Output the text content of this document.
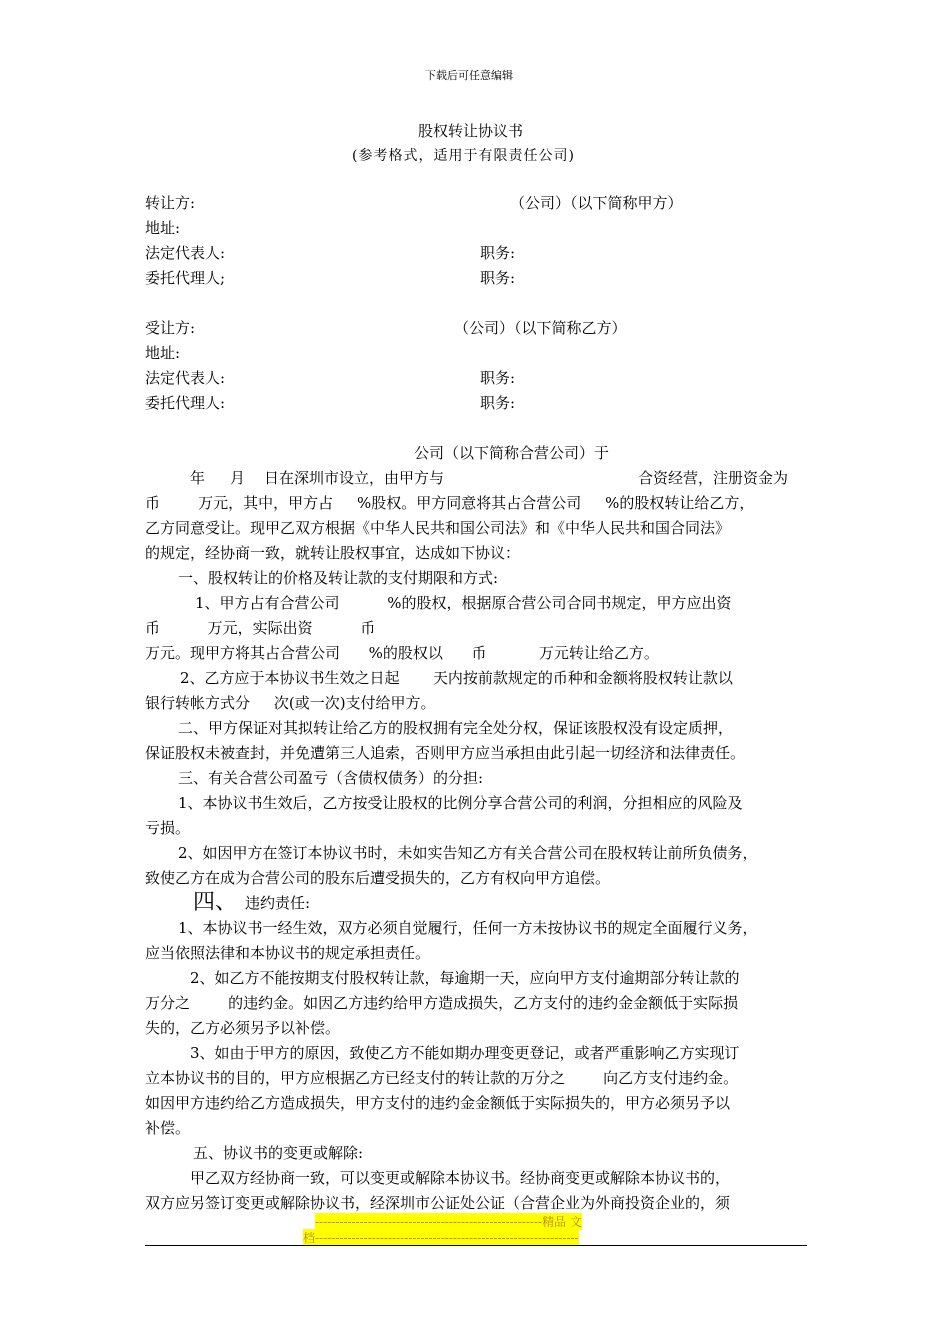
下载后可任意编辑
股权转让协议书
(参考格式，适用于有限责任公司)
转让方:	（公司）（以下简称甲方）
地址:
法定代表人:	职务:
委托代理人;	职务:
受让方:	（公司）（以下简称乙方）
地址:
法定代表人:	职务:
委托代理人:	职务:
公司（以下简称合营公司）于
年 月 日在深圳市设立，由甲方与	合资经营，注册资金为
币        万元，其中，甲方占     %股权。甲方同意将其占合营公司     %的股权转让给乙方，
乙方同意受让。现甲乙双方根据《中华人民共和国公司法》和《中华人民共和国合同法》
的规定，经协商一致，就转让股权事宜，达成如下协议：
一、股权转让的价格及转让款的支付期限和方式:
1、甲方占有合营公司          %的股权，根据原合营公司合同书规定，甲方应出资
币          万元，实际出资          币
万元。现甲方将其占合营公司      %的股权以      币           万元转让给乙方。
2、乙方应于本协议书生效之日起       天内按前款规定的币种和金额将股权转让款以
银行转帐方式分     次(或一次)支付给甲方。
二、甲方保证对其拟转让给乙方的股权拥有完全处分权，保证该股权没有设定质押，
保证股权未被查封，并免遭第三人追索，否则甲方应当承担由此引起一切经济和法律责任。
三、有关合营公司盈亏（含债权债务）的分担:
1、本协议书生效后，乙方按受让股权的比例分享合营公司的利润，分担相应的风险及
亏损。
2、如因甲方在签订本协议书时，未如实告知乙方有关合营公司在股权转让前所负债务，
致使乙方在成为合营公司的股东后遭受损失的，乙方有权向甲方追偿。
四、 违约责任:
1、本协议书一经生效，双方必须自觉履行，任何一方未按协议书的规定全面履行义务，
应当依照法律和本协议书的规定承担责任。
2、如乙方不能按期支付股权转让款，每逾期一天，应向甲方支付逾期部分转让款的
万分之        的违约金。如因乙方违约给甲方造成损失，乙方支付的违约金金额低于实际损
失的，乙方必须另予以补偿。
3、如由于甲方的原因，致使乙方不能如期办理变更登记，或者严重影响乙方实现订
立本协议书的目的，甲方应根据乙方已经支付的转让款的万分之        向乙方支付违约金。
如因甲方违约给乙方造成损失，甲方支付的违约金金额低于实际损失的，甲方必须另予以
补偿。
五、协议书的变更或解除:
甲乙双方经协商一致，可以变更或解除本协议书。经协商变更或解除本协议书的，
双方应另签订变更或解除协议书，经深圳市公证处公证（合营企业为外商投资企业的，须
--------------------------------------------------------精品 文
档-----------------------------------------------------------------
